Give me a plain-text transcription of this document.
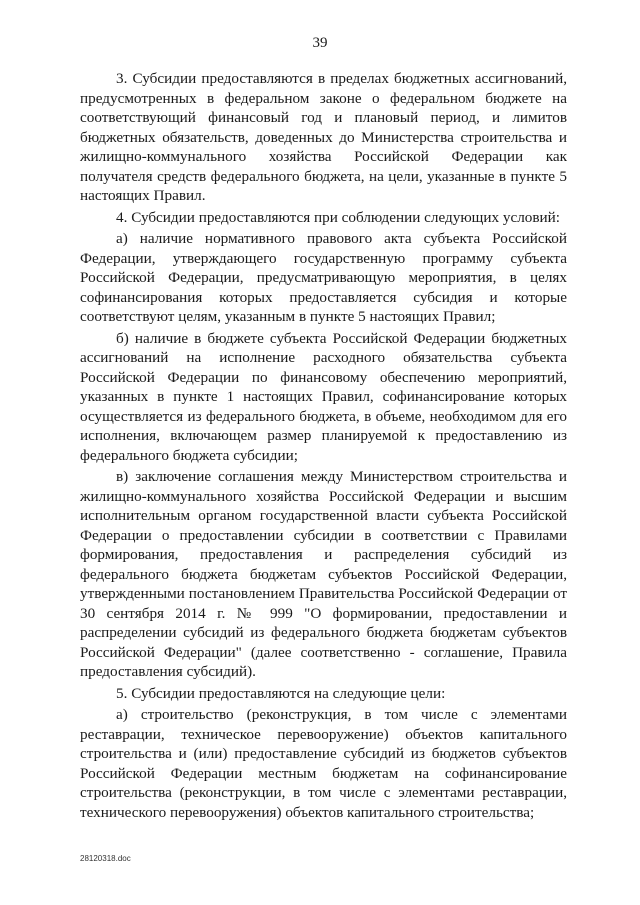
39

3. Субсидии предоставляются в пределах бюджетных ассигнований, предусмотренных в федеральном законе о федеральном бюджете на соответствующий финансовый год и плановый период, и лимитов бюджетных обязательств, доведенных до Министерства строительства и жилищно-коммунального хозяйства Российской Федерации как получателя средств федерального бюджета, на цели, указанные в пункте 5 настоящих Правил.

4. Субсидии предоставляются при соблюдении следующих условий:

а) наличие нормативного правового акта субъекта Российской Федерации, утверждающего государственную программу субъекта Российской Федерации, предусматривающую мероприятия, в целях софинансирования которых предоставляется субсидия и которые соответствуют целям, указанным в пункте 5 настоящих Правил;

б) наличие в бюджете субъекта Российской Федерации бюджетных ассигнований на исполнение расходного обязательства субъекта Российской Федерации по финансовому обеспечению мероприятий, указанных в пункте 1 настоящих Правил, софинансирование которых осуществляется из федерального бюджета, в объеме, необходимом для его исполнения, включающем размер планируемой к предоставлению из федерального бюджета субсидии;

в) заключение соглашения между Министерством строительства и жилищно-коммунального хозяйства Российской Федерации и высшим исполнительным органом государственной власти субъекта Российской Федерации о предоставлении субсидии в соответствии с Правилами формирования, предоставления и распределения субсидий из федерального бюджета бюджетам субъектов Российской Федерации, утвержденными постановлением Правительства Российской Федерации от 30 сентября 2014 г. № 999 "О формировании, предоставлении и распределении субсидий из федерального бюджета бюджетам субъектов Российской Федерации" (далее соответственно - соглашение, Правила предоставления субсидий).

5. Субсидии предоставляются на следующие цели:

а) строительство (реконструкция, в том числе с элементами реставрации, техническое перевооружение) объектов капитального строительства и (или) предоставление субсидий из бюджетов субъектов Российской Федерации местным бюджетам на софинансирование строительства (реконструкции, в том числе с элементами реставрации, технического перевооружения) объектов капитального строительства;

28120318.doc
